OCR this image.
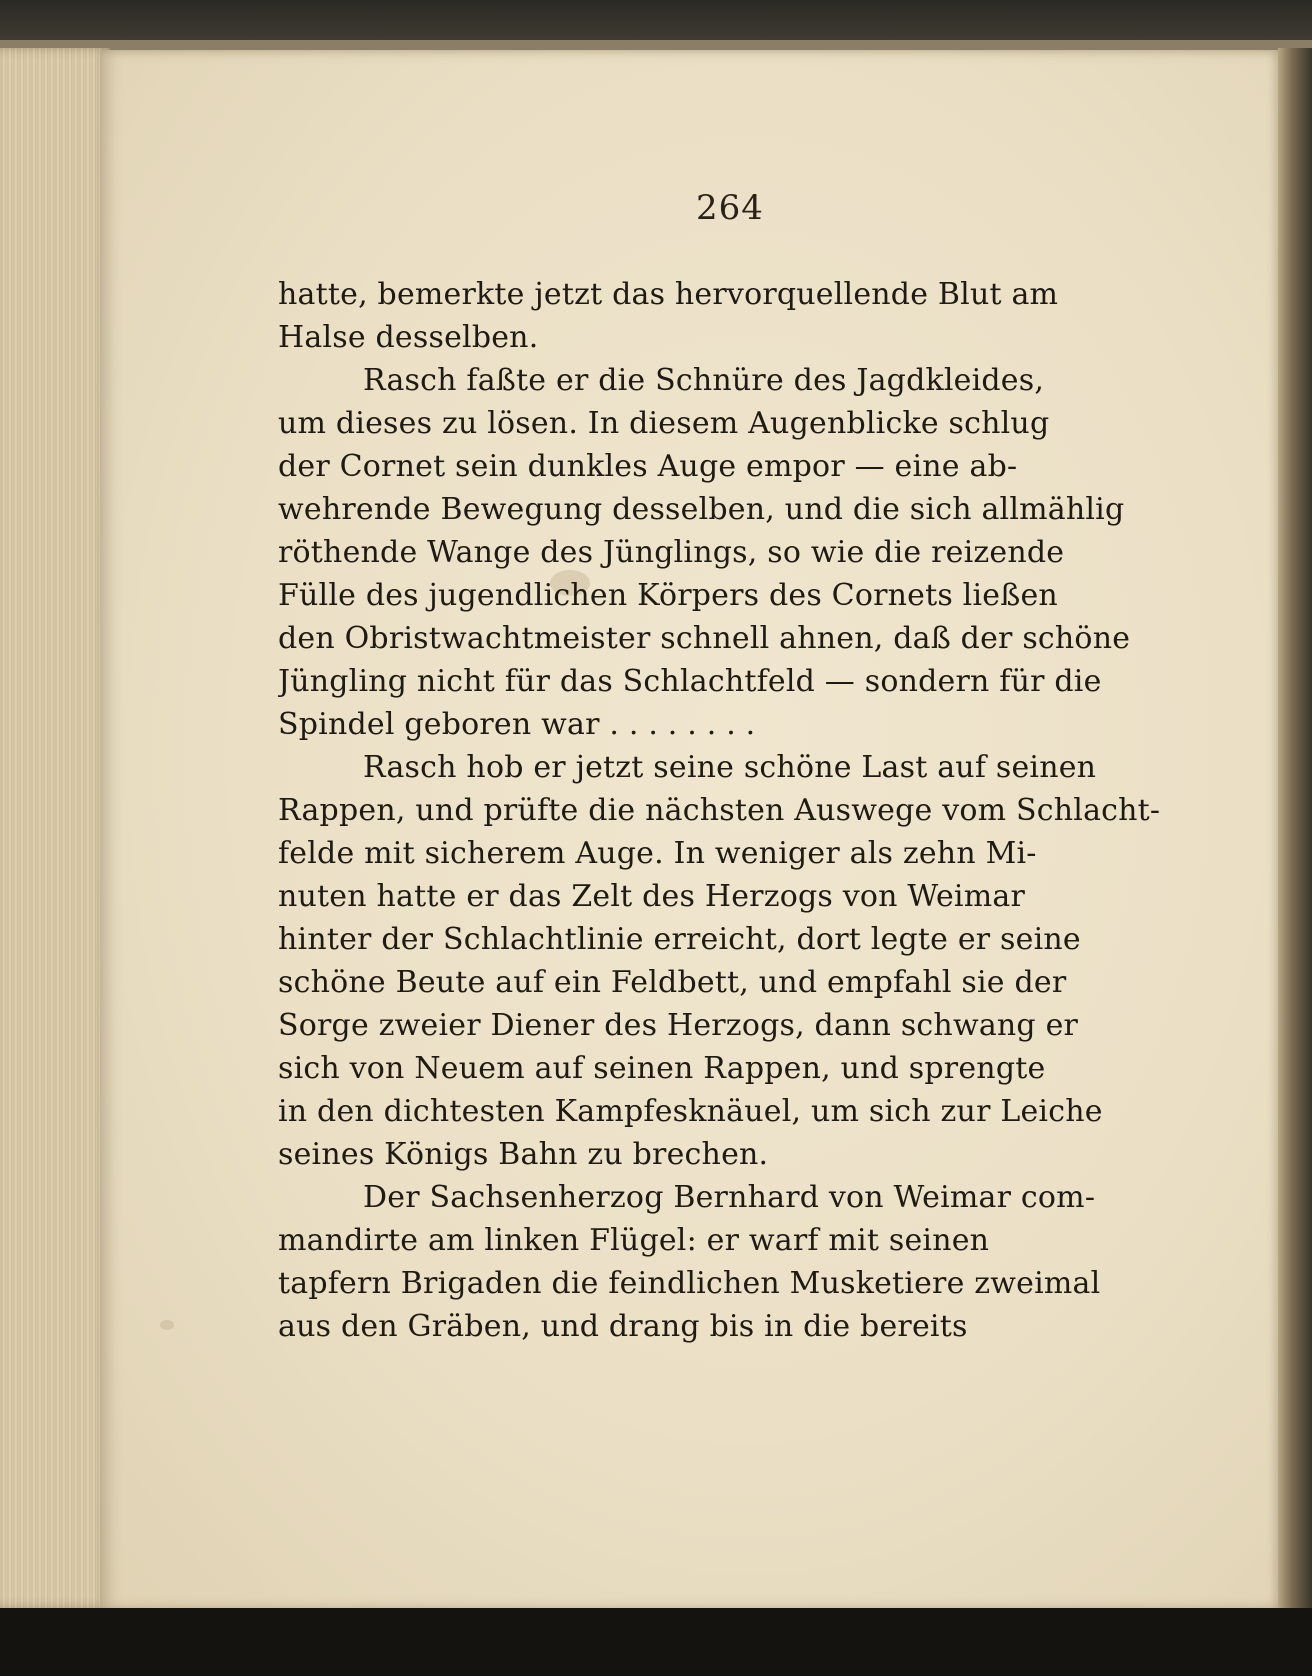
264
hatte, bemerkte jetzt das hervorquellende Blut am
Halse desselben.
Rasch faßte er die Schnüre des Jagdkleides,
um dieses zu lösen. In diesem Augenblicke schlug
der Cornet sein dunkles Auge empor — eine ab-
wehrende Bewegung desselben, und die sich allmählig
röthende Wange des Jünglings, so wie die reizende
Fülle des jugendlichen Körpers des Cornets ließen
den Obristwachtmeister schnell ahnen, daß der schöne
Jüngling nicht für das Schlachtfeld — sondern für die
Spindel geboren war . . . . . . . .
Rasch hob er jetzt seine schöne Last auf seinen
Rappen, und prüfte die nächsten Auswege vom Schlacht-
felde mit sicherem Auge. In weniger als zehn Mi-
nuten hatte er das Zelt des Herzogs von Weimar
hinter der Schlachtlinie erreicht, dort legte er seine
schöne Beute auf ein Feldbett, und empfahl sie der
Sorge zweier Diener des Herzogs, dann schwang er
sich von Neuem auf seinen Rappen, und sprengte
in den dichtesten Kampfesknäuel, um sich zur Leiche
seines Königs Bahn zu brechen.
Der Sachsenherzog Bernhard von Weimar com-
mandirte am linken Flügel: er warf mit seinen
tapfern Brigaden die feindlichen Musketiere zweimal
aus den Gräben, und drang bis in die bereits
